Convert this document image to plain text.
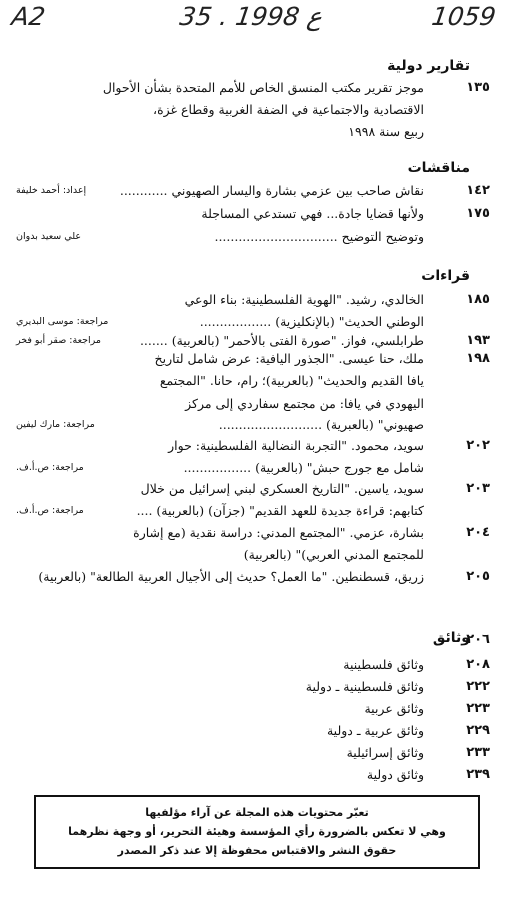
A2	35 . ع 1998	1059
تقارير دولية
مناقشات
قراءات
وثائق
١٣٥
موجز تقرير مكتب المنسق الخاص للأمم المتحدة بشأن الأحوال
الاقتصادية والاجتماعية في الضفة الغربية وقطاع غزة،
ربيع سنة ١٩٩٨
١٤٢
نقاش صاحب بين عزمي بشارة واليسار الصهيوني ............
إعداد: أحمد خليفة
١٧٥
ولأنها قضايا جادة... فهي تستدعي المساجلة
وتوضيح التوضيح ...............................
علي سعيد بدوان
١٨٥
الخالدي، رشيد. "الهوية الفلسطينية: بناء الوعي
الوطني الحديث" (بالإنكليزية) ..................
مراجعة: موسى البديري
١٩٣
طرابلسي، فواز. "صورة الفتى بالأحمر" (بالعربية) .......
مراجعة: صقر أبو فخر
١٩٨
ملك، حنا عيسى. "الجذور اليافية: عرض شامل لتاريخ
يافا القديم والحديث" (بالعربية)؛ رام، حانا. "المجتمع
اليهودي في يافا: من مجتمع سفاردي إلى مركز
صهيوني" (بالعبرية) ..........................
مراجعة: مارك ليفين
٢٠٢
سويد، محمود. "التجربة النضالية الفلسطينية: حوار
شامل مع جورج حبش" (بالعربية) .................
مراجعة: ص.أ.ف.
٢٠٣
سويد، ياسين. "التاريخ العسكري لبني إسرائيل من خلال
كتابهم: قراءة جديدة للعهد القديم" (جزآن) (بالعربية) ....
مراجعة: ص.أ.ف.
٢٠٤
بشارة، عزمي. "المجتمع المدني: دراسة نقدية (مع إشارة
للمجتمع المدني العربي)" (بالعربية)
٢٠٥
زريق، قسطنطين. "ما العمل؟ حديث إلى الأجيال العربية الطالعة" (بالعربية)
٢٠٦
٢٠٨
وثائق فلسطينية
٢٢٢
وثائق فلسطينية ـ دولية
٢٢٣
وثائق عربية
٢٢٩
وثائق عربية ـ دولية
٢٣٣
وثائق إسرائيلية
٢٣٩
وثائق دولية
تعبّر محتويات هذه المجلة عن آراء مؤلفيها
وهي لا تعكس بالضرورة رأي المؤسسة وهيئة التحرير، أو وجهة نظرهما
حقوق النشر والاقتباس محفوظة إلا عند ذكر المصدر
